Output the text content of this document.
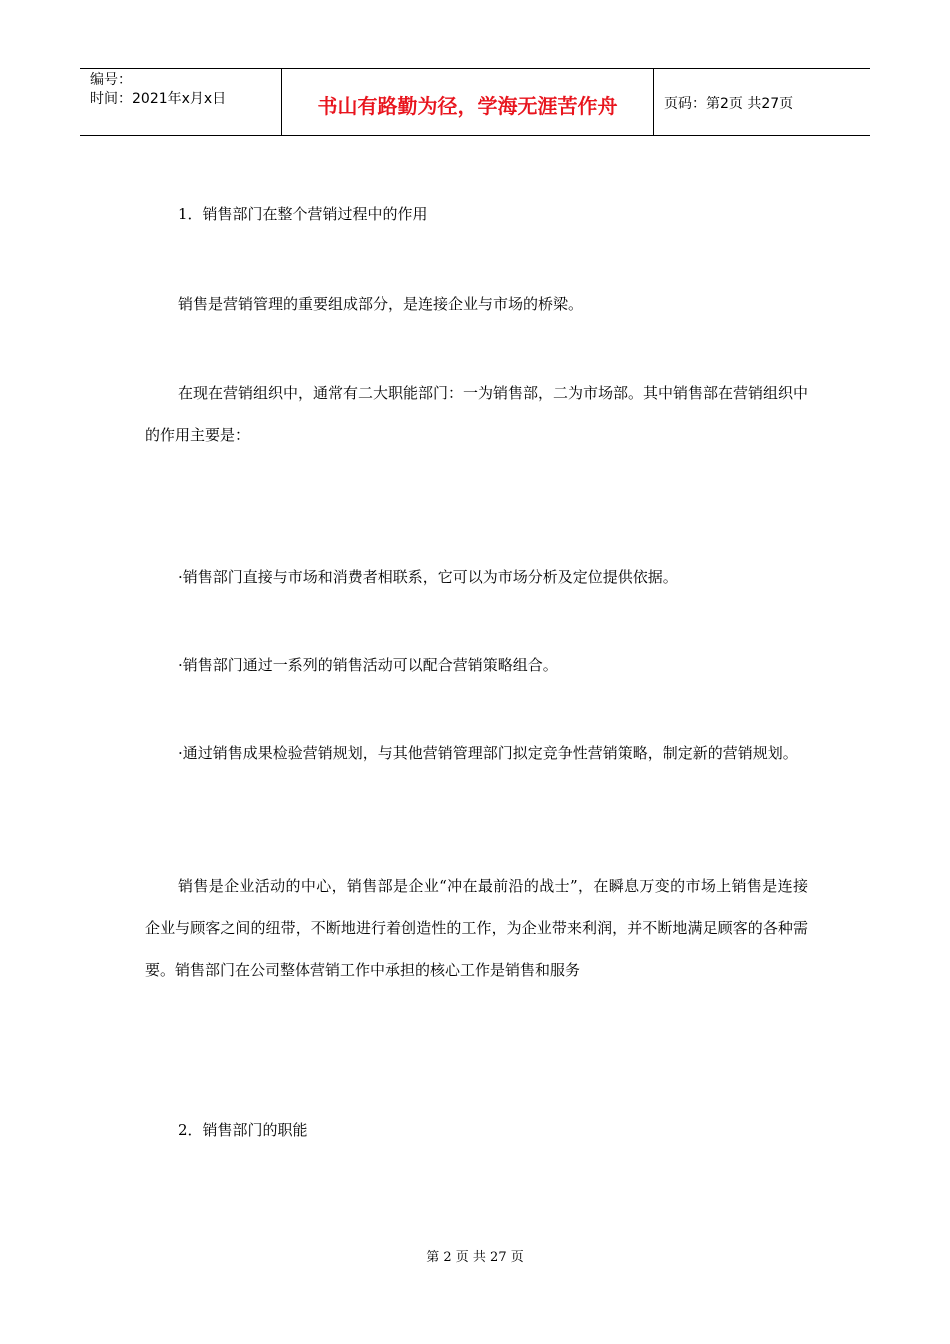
编号：
时间：2021年x月x日	书山有路勤为径，学海无涯苦作舟	页码：第2页 共27页

1．销售部门在整个营销过程中的作用

销售是营销管理的重要组成部分，是连接企业与市场的桥梁。

在现在营销组织中，通常有二大职能部门：一为销售部，二为市场部。其中销售部在营销组织中的作用主要是：

·销售部门直接与市场和消费者相联系，它可以为市场分析及定位提供依据。

·销售部门通过一系列的销售活动可以配合营销策略组合。

·通过销售成果检验营销规划，与其他营销管理部门拟定竞争性营销策略，制定新的营销规划。

销售是企业活动的中心，销售部是企业“冲在最前沿的战士”，在瞬息万变的市场上销售是连接企业与顾客之间的纽带，不断地进行着创造性的工作，为企业带来利润，并不断地满足顾客的各种需要。销售部门在公司整体营销工作中承担的核心工作是销售和服务

2．销售部门的职能

第 2 页 共 27 页
